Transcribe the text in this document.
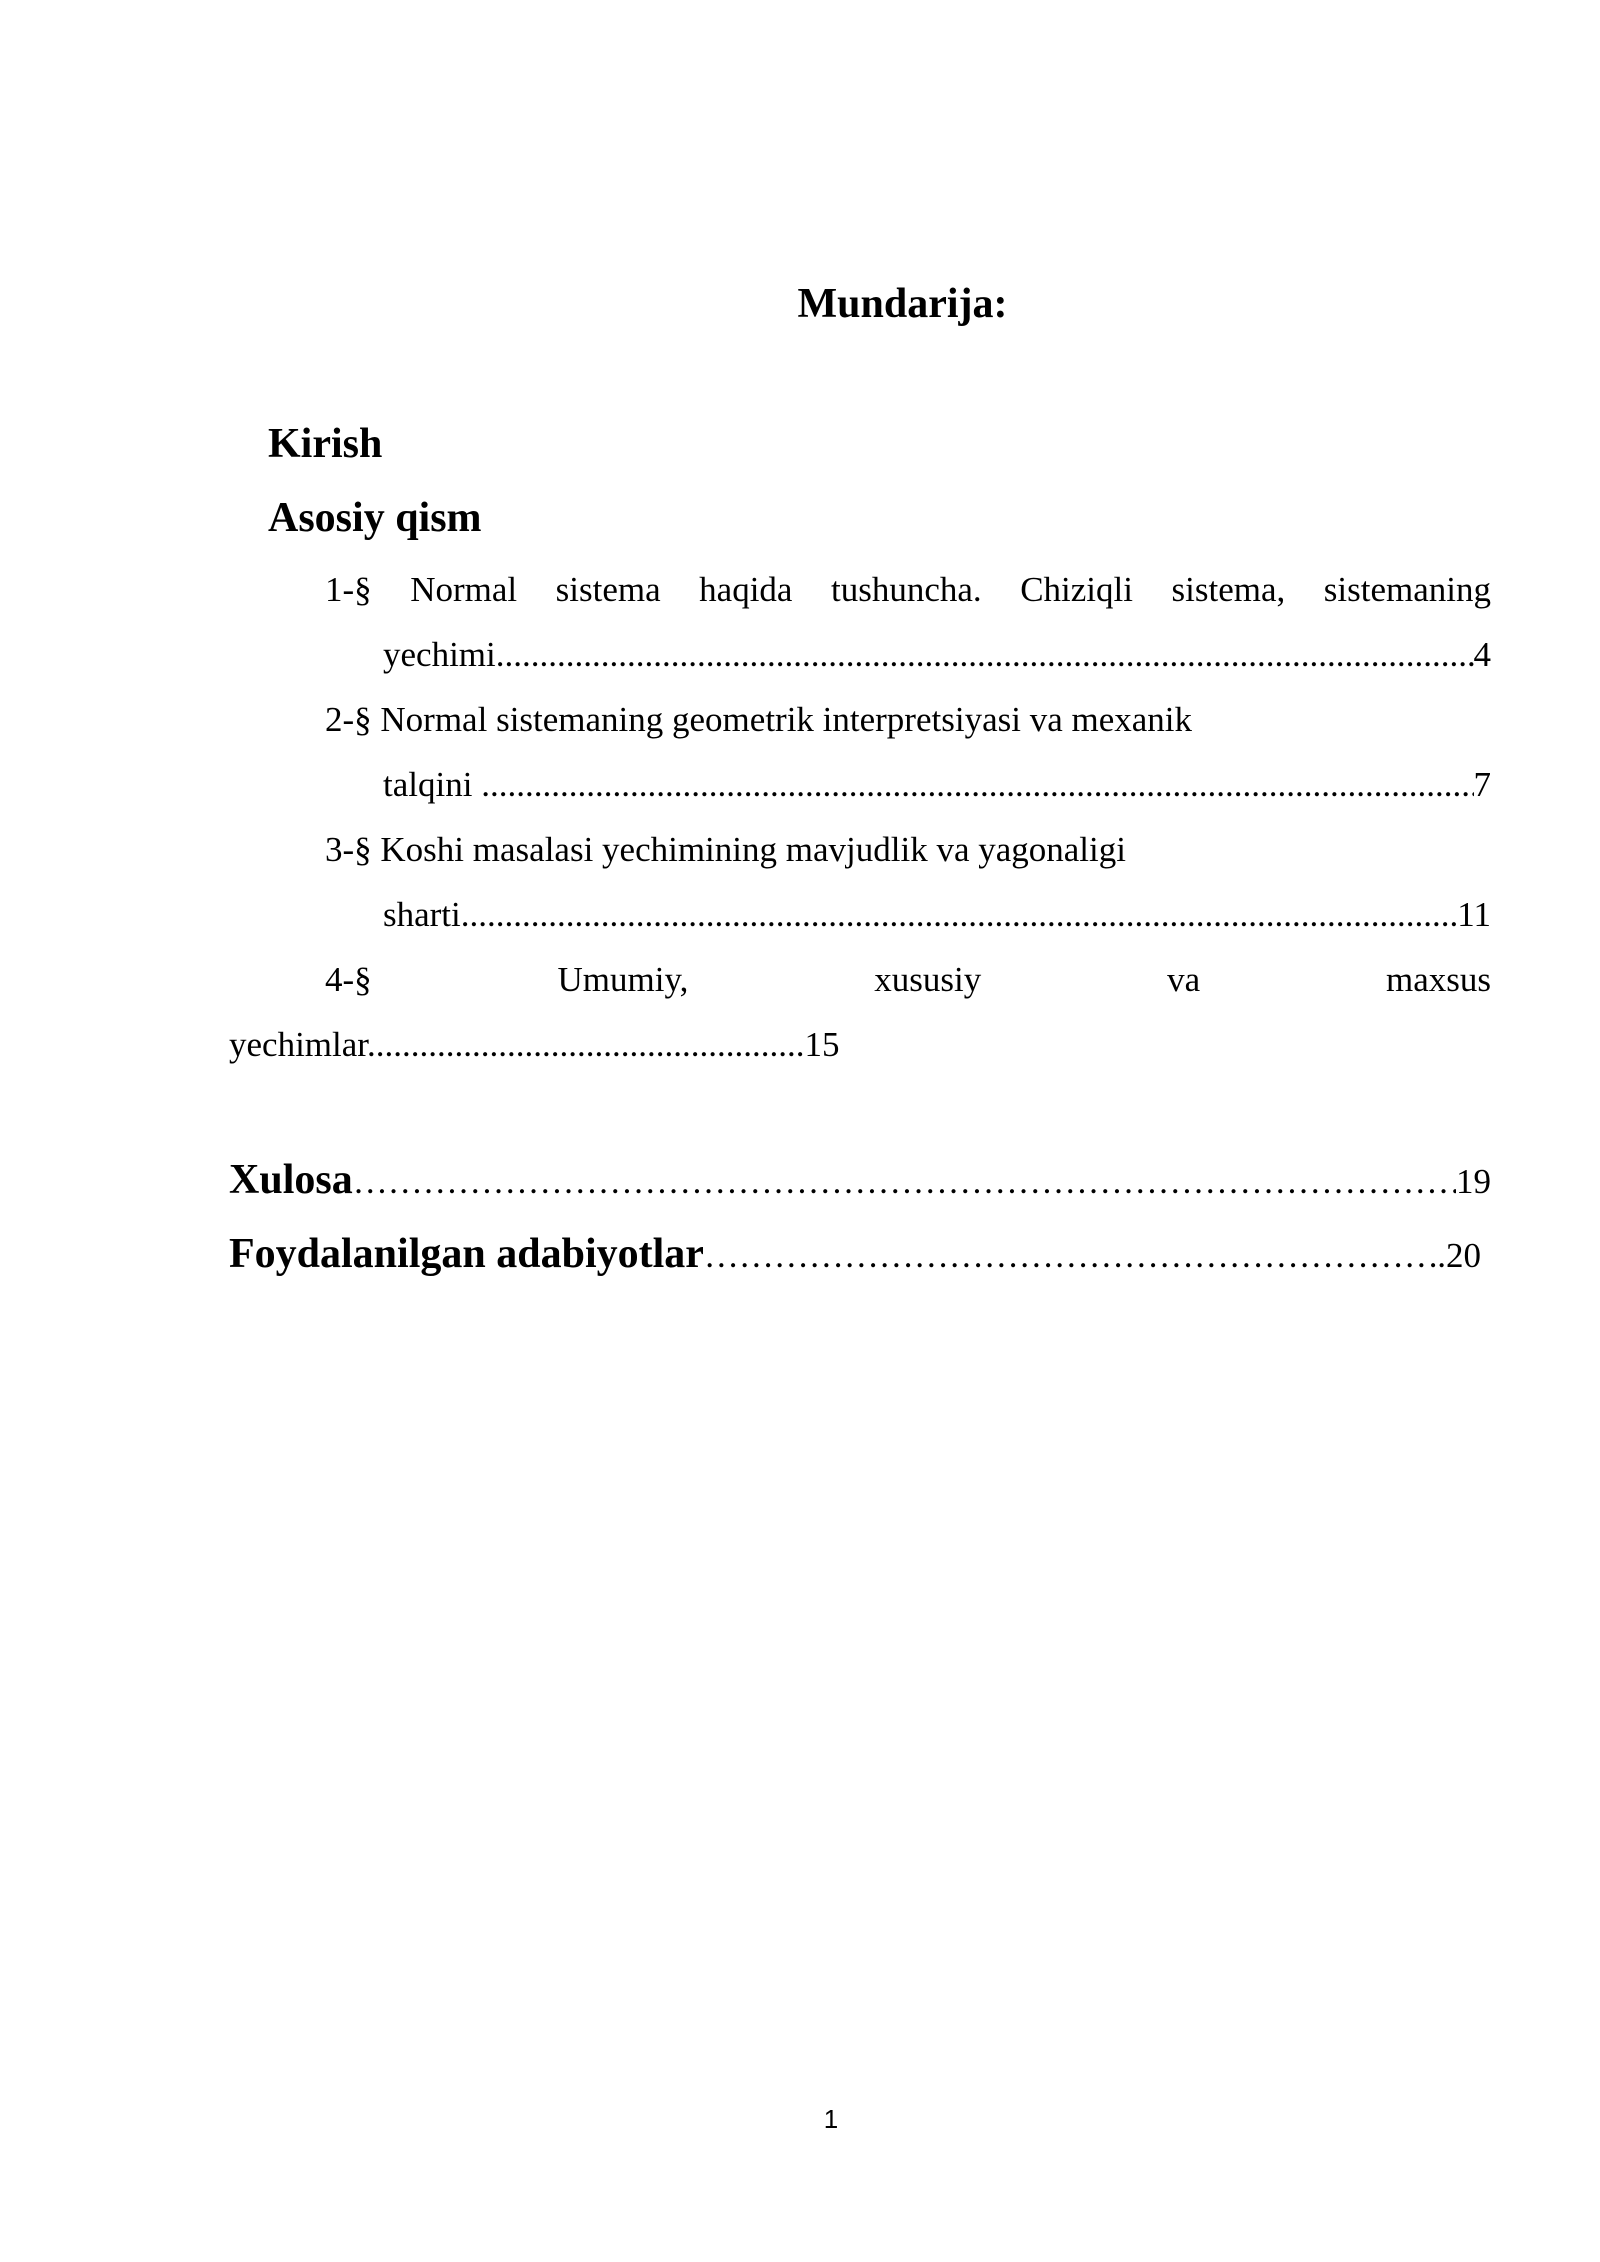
Mundarija:
Kirish
Asosiy qism
1-§ Normal sistema haqida tushuncha. Chiziqli sistema, sistemaning
yechimi .....	4
2-§ Normal sistemaning geometrik interpretsiyasi va mexanik
talqini .....	7
3-§ Koshi masalasi yechimining mavjudlik va yagonaligi
sharti .....	11
4-§	Umumiy,	xususiy	va	maxsus
yechimlar..................................................15
Xulosa ……………………………………………………………………………………………………………………………………………	19
Foydalanilgan adabiyotlar ……………………………………………………………………………………………………………………………………………	.20
1
